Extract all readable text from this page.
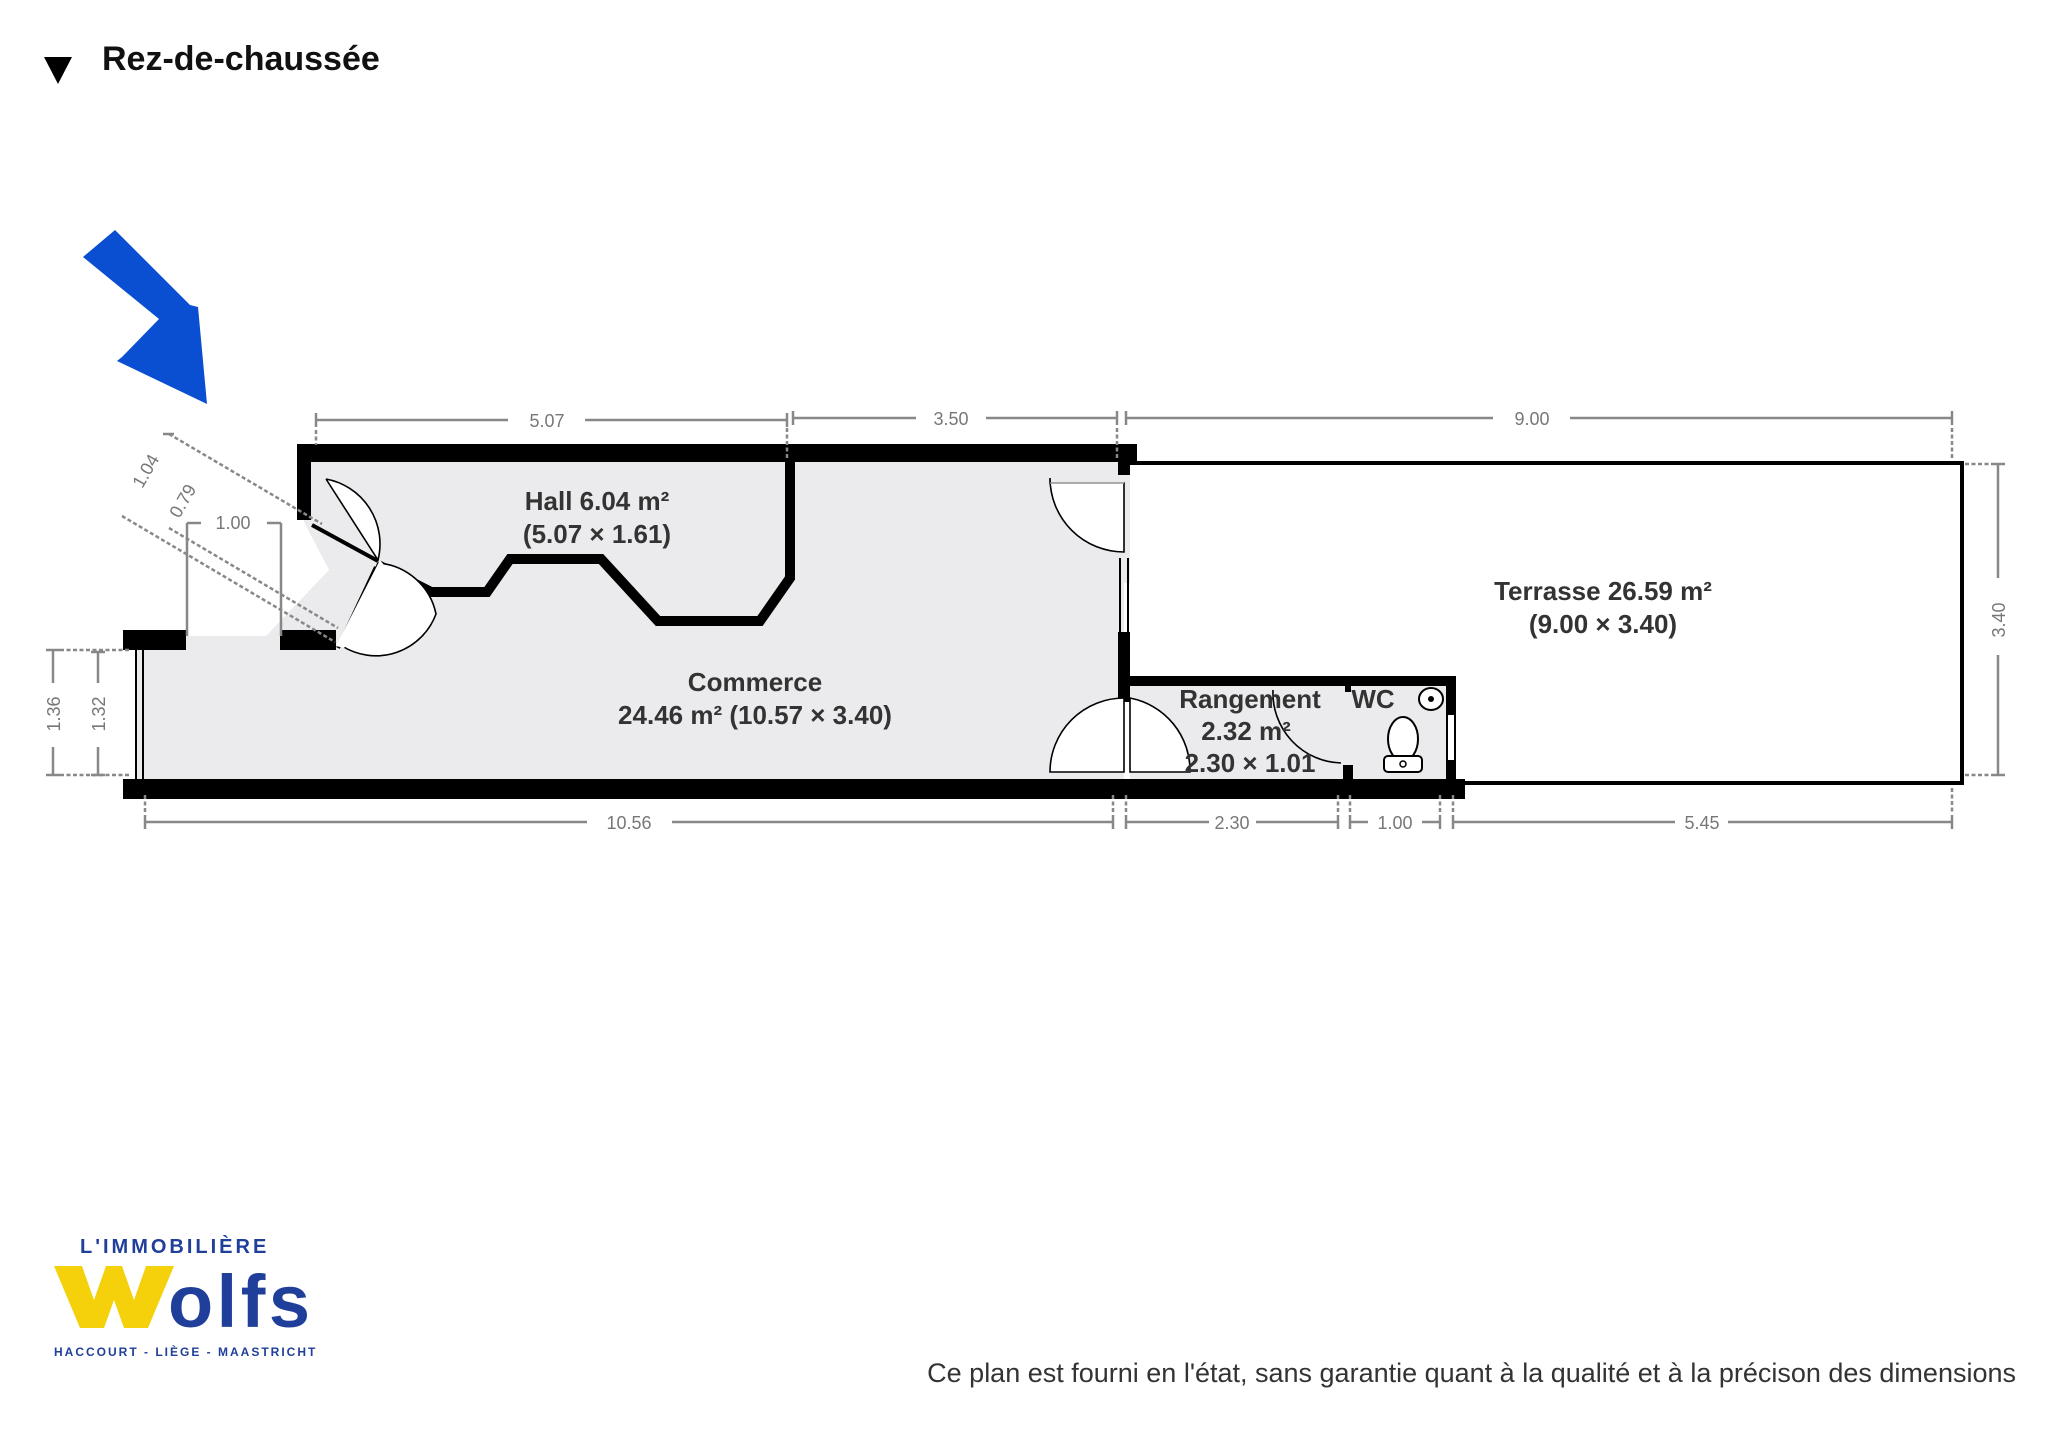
Rez-de-chaussée
5.07	3.50	9.00
10.56	2.30	1.00	5.45
3.40
1.36 1.32
1.04
0.79
1.00
Hall 6.04 m²
(5.07 × 1.61)
Commerce
24.46 m² (10.57 × 3.40)
Terrasse 26.59 m²
(9.00 × 3.40)
Rangement
2.32 m²
2.30 × 1.01
WC
L'IMMOBILIÈRE
olfs
HACCOURT - LIÈGE - MAASTRICHT
Ce plan est fourni en l'état, sans garantie quant à la qualité et à la précison des dimensions
